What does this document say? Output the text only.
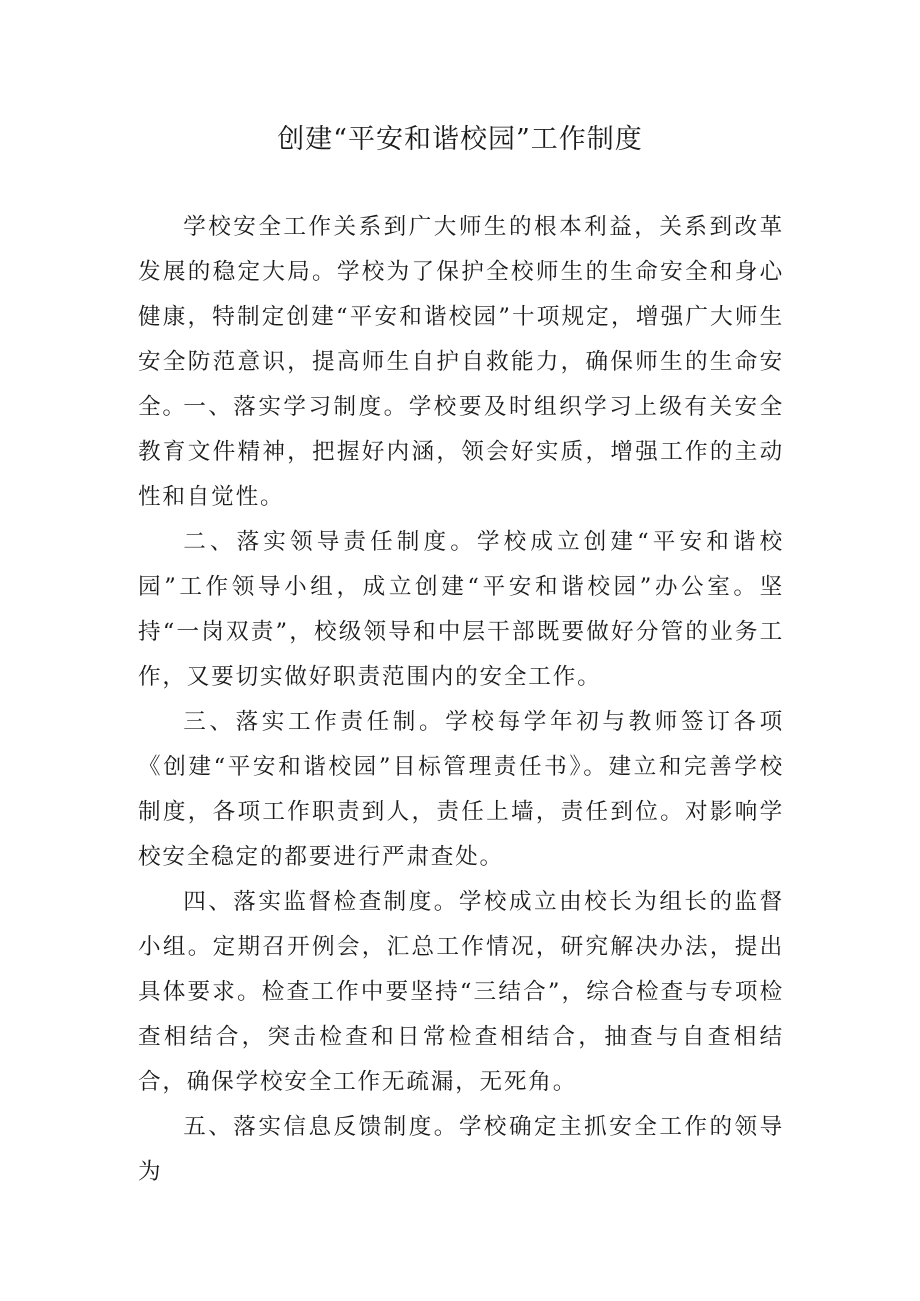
创建“平安和谐校园”工作制度

学校安全工作关系到广大师生的根本利益，关系到改革发展的稳定大局。学校为了保护全校师生的生命安全和身心健康，特制定创建“平安和谐校园”十项规定，增强广大师生安全防范意识，提高师生自护自救能力，确保师生的生命安全。

一、落实学习制度。学校要及时组织学习上级有关安全教育文件精神，把握好内涵，领会好实质，增强工作的主动性和自觉性。

二、落实领导责任制度。学校成立创建“平安和谐校园”工作领导小组，成立创建“平安和谐校园”办公室。坚持“一岗双责”，校级领导和中层干部既要做好分管的业务工作，又要切实做好职责范围内的安全工作。

三、落实工作责任制。学校每学年初与教师签订各项《创建“平安和谐校园”目标管理责任书》。建立和完善学校制度，各项工作职责到人，责任上墙，责任到位。对影响学校安全稳定的都要进行严肃查处。

四、落实监督检查制度。学校成立由校长为组长的监督小组。定期召开例会，汇总工作情况，研究解决办法，提出具体要求。检查工作中要坚持“三结合”，综合检查与专项检查相结合，突击检查和日常检查相结合，抽查与自查相结合，确保学校安全工作无疏漏，无死角。

五、落实信息反馈制度。学校确定主抓安全工作的领导为
